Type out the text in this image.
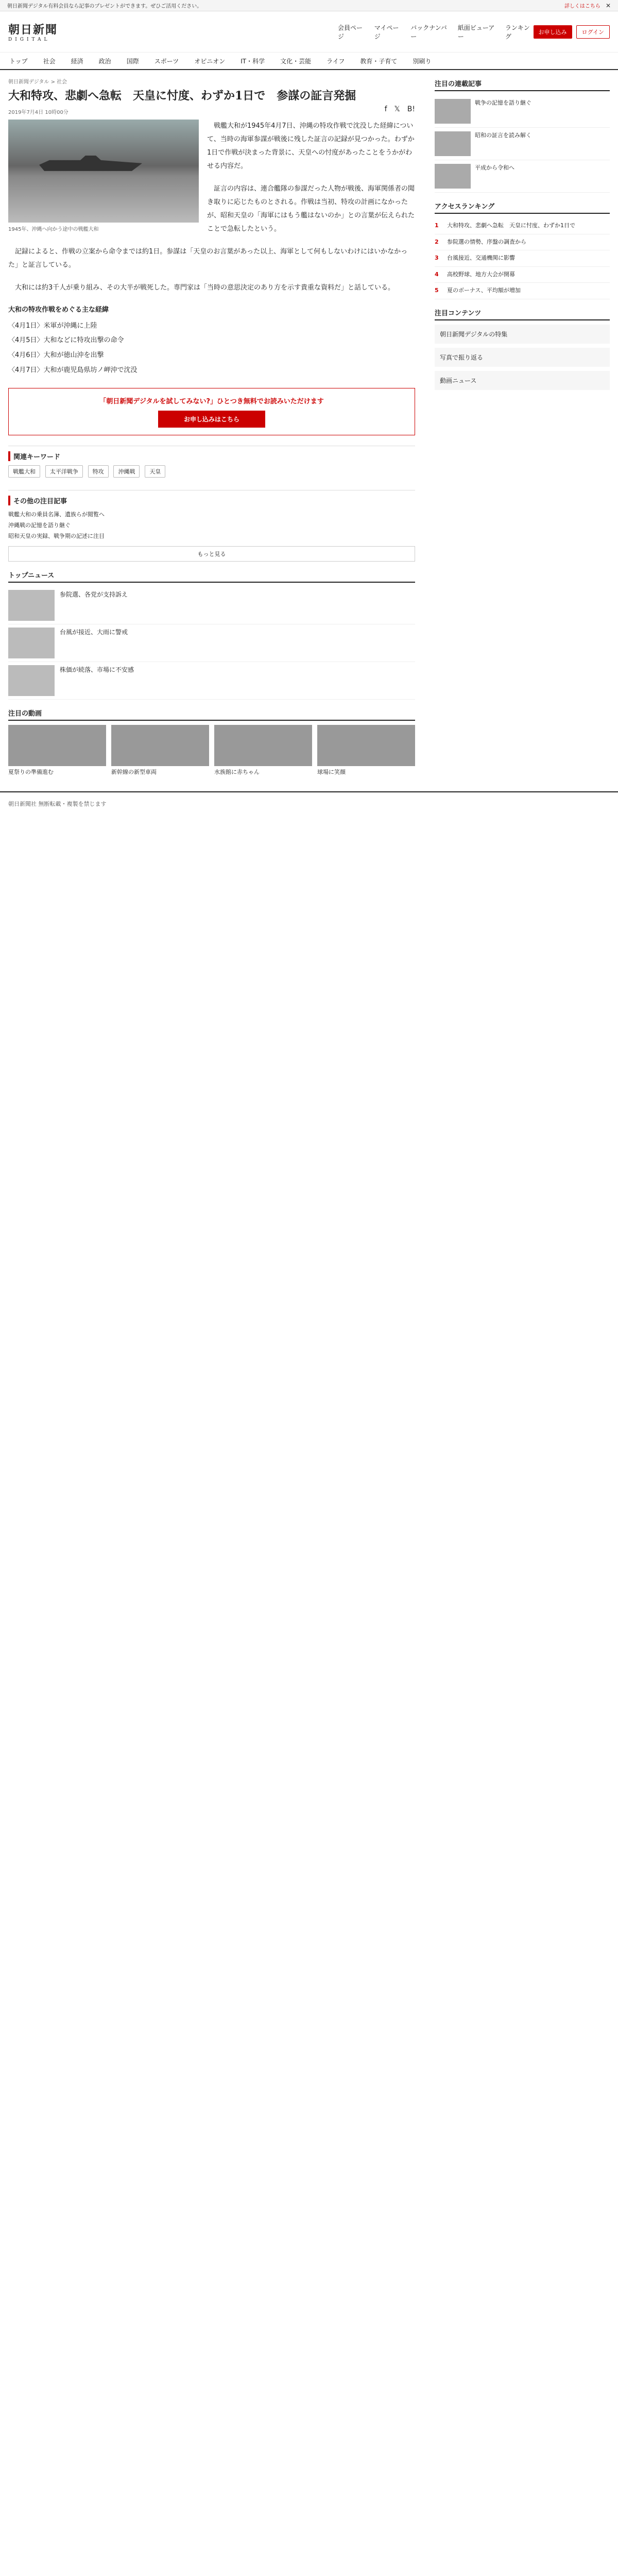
朝日新聞デジタル有料会員なら記事のプレゼントができます。ぜひご活用ください。	詳しくはこちら ✕
朝日新聞
DIGITAL
会員ページ
マイページ
バックナンバー
紙面ビューアー
ランキング
お申し込み	ログイン
トップ	社会	経済	政治	国際	スポーツ	オピニオン	IT・科学	文化・芸能	ライフ	教育・子育て	別刷り
朝日新聞デジタル > 社会
大和特攻、悲劇へ急転　天皇に忖度、わずか1日で　参謀の証言発掘
2019年7月4日 10時00分	f 𝕏 B!
1945年、沖縄へ向かう途中の戦艦大和

戦艦大和が1945年4月7日、沖縄の特攻作戦で沈没した経緯について、当時の海軍参謀が戦後に残した証言の記録が見つかった。わずか1日で作戦が決まった背景に、天皇への忖度があったことをうかがわせる内容だ。

証言の内容は、連合艦隊の参謀だった人物が戦後、海軍関係者の聞き取りに応じたものとされる。作戦は当初、特攻の計画になかったが、昭和天皇の「海軍にはもう艦はないのか」との言葉が伝えられたことで急転したという。

記録によると、作戦の立案から命令までは約1日。参謀は「天皇のお言葉があった以上、海軍として何もしないわけにはいかなかった」と証言している。

大和には約3千人が乗り組み、その大半が戦死した。専門家は「当時の意思決定のあり方を示す貴重な資料だ」と話している。

大和の特攻作戦をめぐる主な経緯
〈4月1日〉米軍が沖縄に上陸
〈4月5日〉大和などに特攻出撃の命令
〈4月6日〉大和が徳山沖を出撃
〈4月7日〉大和が鹿児島県坊ノ岬沖で沈没
「朝日新聞デジタルを試してみない?」ひとつき無料でお読みいただけます
お申し込みはこちら
関連キーワード
戦艦大和	太平洋戦争	特攻	沖縄戦	天皇
その他の注目記事
戦艦大和の乗員名簿、遺族らが閲覧へ
沖縄戦の記憶を語り継ぐ
昭和天皇の実録、戦争期の記述に注目
もっと見る
トップニュース
参院選、各党が支持訴え
台風が接近、大雨に警戒
株価が続落、市場に不安感
注目の動画
夏祭りの準備進む	新幹線の新型車両	水族館に赤ちゃん	球場に笑顔
注目の連載記事
戦争の記憶を語り継ぐ
昭和の証言を読み解く
平成から令和へ
アクセスランキング
1	大和特攻、悲劇へ急転　天皇に忖度、わずか1日で
2	参院選の情勢、序盤の調査から
3	台風接近、交通機関に影響
4	高校野球、地方大会が開幕
5	夏のボーナス、平均額が増加
注目コンテンツ
朝日新聞デジタルの特集
写真で振り返る
動画ニュース
朝日新聞社 無断転載・複製を禁じます
